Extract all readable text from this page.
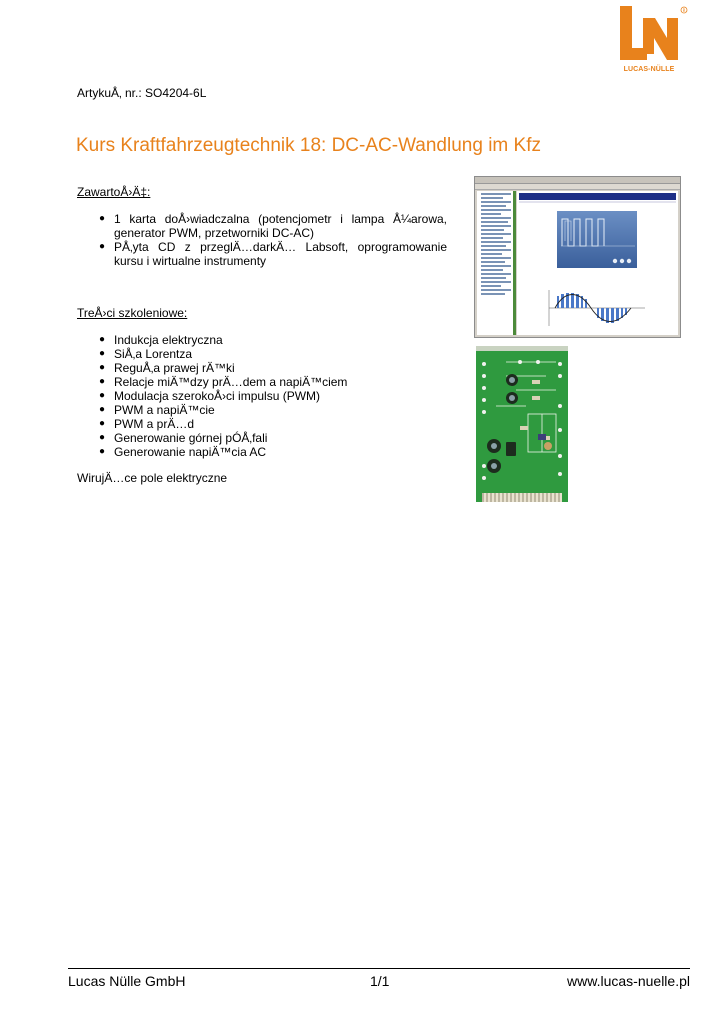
R
LUCAS-NÜLLE
ArtykuÅ‚ nr.: SO4204-6L
Kurs Kraftfahrzeugtechnik 18: DC-AC-Wandlung im Kfz
ZawartoÅ›Ä‡:
● 1 karta doÅ›wiadczalna (potencjometr i lampa Å¼arowa, generator PWM, przetworniki DC-AC)
● PÅ‚yta CD z przeglÄ…darkÄ… Labsoft, oprogramowanie kursu i wirtualne instrumenty
TreÅ›ci szkoleniowe:
● Indukcja elektryczna
● SiÅ‚a Lorentza
● ReguÅ‚a prawej rÄ™ki
● Relacje miÄ™dzy prÄ…dem a napiÄ™ciem
● Modulacja szerokoÅ›ci impulsu (PWM)
● PWM a napiÄ™cie
● PWM a prÄ…d
● Generowanie górnej pÓÅ‚fali
● Generowanie napiÄ™cia AC
WirujÄ…ce pole elektryczne
Lucas Nülle GmbH	1/1	www.lucas-nuelle.pl
